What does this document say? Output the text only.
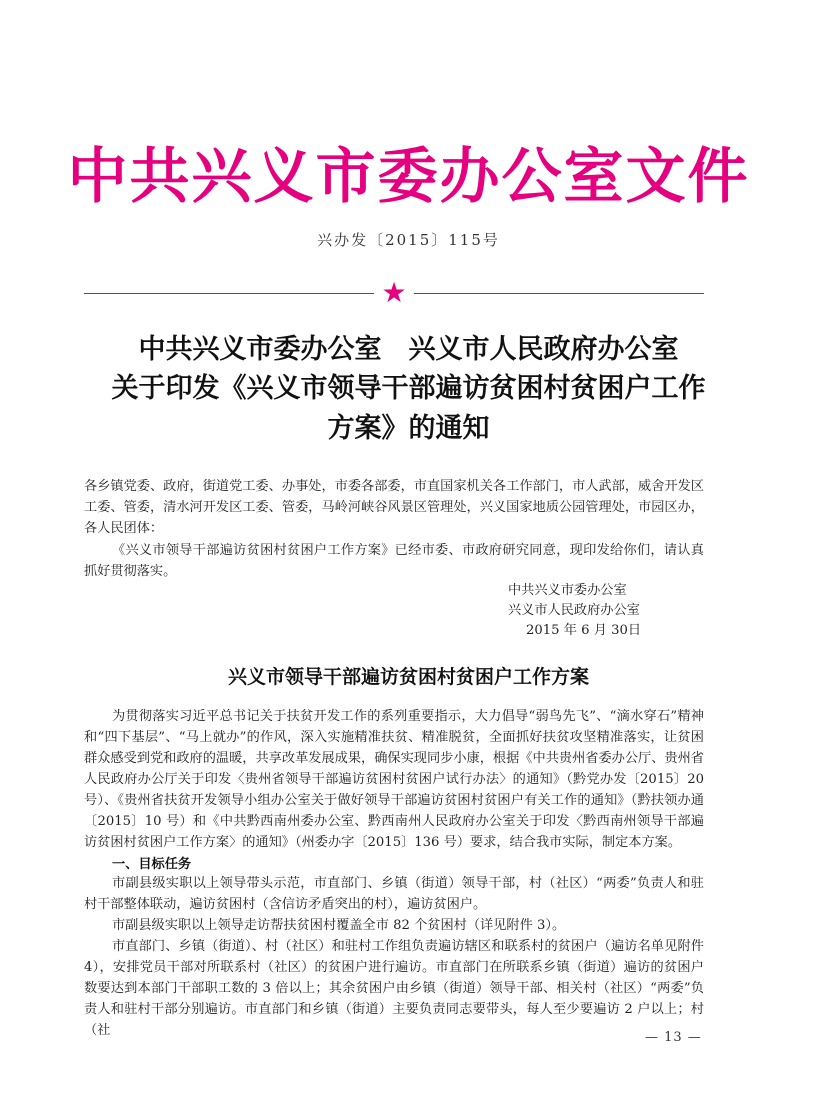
中共兴义市委办公室文件
兴办发〔2015〕115号
★
中共兴义市委办公室　兴义市人民政府办公室
关于印发《兴义市领导干部遍访贫困村贫困户工作
方案》的通知
各乡镇党委、政府，街道党工委、办事处，市委各部委，市直国家机关各工作部门，市人武部，威舍开发区工委、管委，清水河开发区工委、管委，马岭河峡谷风景区管理处，兴义国家地质公园管理处，市园区办，各人民团体：
《兴义市领导干部遍访贫困村贫困户工作方案》已经市委、市政府研究同意，现印发给你们，请认真抓好贯彻落实。
中共兴义市委办公室
兴义市人民政府办公室
2015 年 6 月 30日
兴义市领导干部遍访贫困村贫困户工作方案
为贯彻落实习近平总书记关于扶贫开发工作的系列重要指示，大力倡导“弱鸟先飞”、“滴水穿石”精神和“四下基层”、“马上就办”的作风，深入实施精准扶贫、精准脱贫，全面抓好扶贫攻坚精准落实，让贫困群众感受到党和政府的温暖，共享改革发展成果，确保实现同步小康，根据《中共贵州省委办公厅、贵州省人民政府办公厅关于印发〈贵州省领导干部遍访贫困村贫困户试行办法〉的通知》（黔党办发〔2015〕20 号）、《贵州省扶贫开发领导小组办公室关于做好领导干部遍访贫困村贫困户有关工作的通知》（黔扶领办通〔2015〕10 号）和《中共黔西南州委办公室、黔西南州人民政府办公室关于印发〈黔西南州领导干部遍访贫困村贫困户工作方案〉的通知》（州委办字〔2015〕136 号）要求，结合我市实际，制定本方案。
一、目标任务
市副县级实职以上领导带头示范，市直部门、乡镇（街道）领导干部，村（社区）“两委”负责人和驻村干部整体联动，遍访贫困村（含信访矛盾突出的村），遍访贫困户。
市副县级实职以上领导走访帮扶贫困村覆盖全市 82 个贫困村（详见附件 3）。
市直部门、乡镇（街道）、村（社区）和驻村工作组负责遍访辖区和联系村的贫困户（遍访名单见附件 4），安排党员干部对所联系村（社区）的贫困户进行遍访。市直部门在所联系乡镇（街道）遍访的贫困户数要达到本部门干部职工数的 3 倍以上；其余贫困户由乡镇（街道）领导干部、相关村（社区）“两委”负责人和驻村干部分别遍访。市直部门和乡镇（街道）主要负责同志要带头，每人至少要遍访 2 户以上；村（社	— 13 —
